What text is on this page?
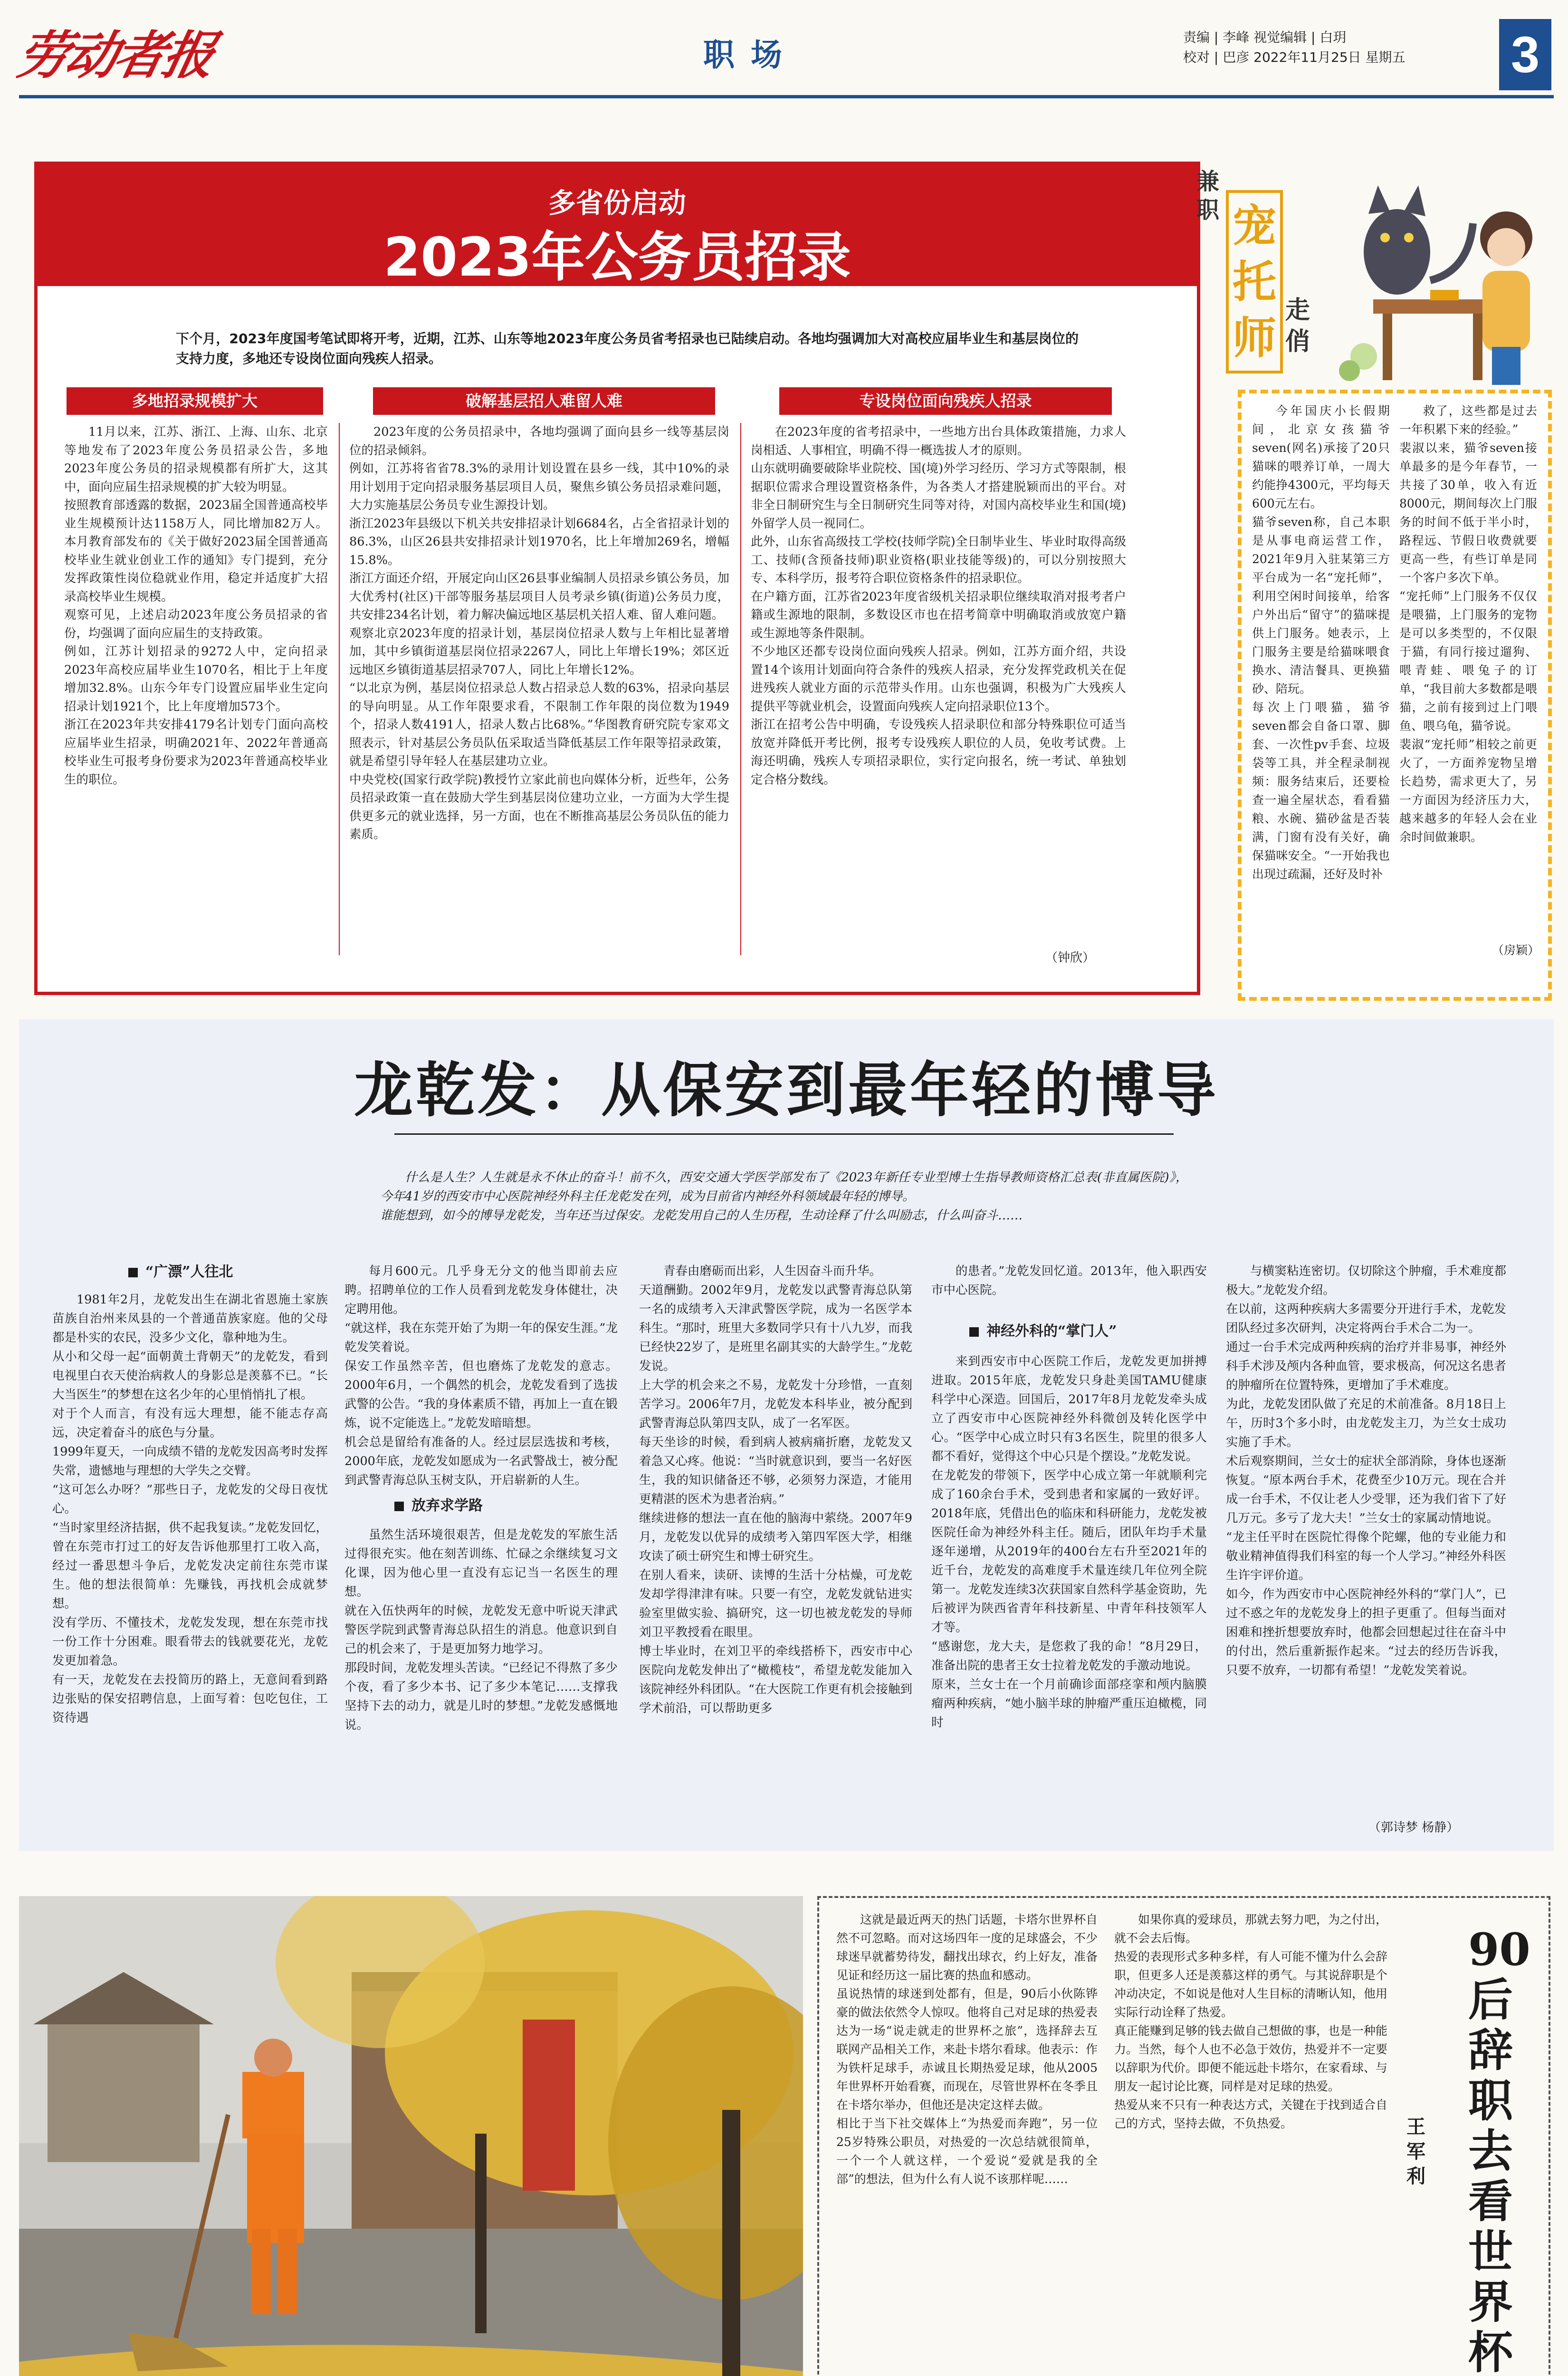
劳动者报	职场	责编 | 李峰 视觉编辑 | 白玥
校对 | 巴彦 2022年11月25日 星期五 3
多省份启动
2023年公务员招录
下个月，2023年度国考笔试即将开考，近期，江苏、山东等地2023年度公务员省考招录也已陆续启动。各地均强调加大对高校应届毕业生和基层岗位的支持力度，多地还专设岗位面向残疾人招录。
多地招录规模扩大	破解基层招人难留人难	专设岗位面向残疾人招录

11月以来，江苏、浙江、上海、山东、北京等地发布了2023年度公务员招录公告，多地2023年度公务员的招录规模都有所扩大，这其中，面向应届生招录规模的扩大较为明显。
按照教育部透露的数据，2023届全国普通高校毕业生规模预计达1158万人，同比增加82万人。本月教育部发布的《关于做好2023届全国普通高校毕业生就业创业工作的通知》专门提到，充分发挥政策性岗位稳就业作用，稳定并适度扩大招录高校毕业生规模。
观察可见，上述启动2023年度公务员招录的省份，均强调了面向应届生的支持政策。
例如，江苏计划招录的9272人中，定向招录2023年高校应届毕业生1070名，相比于上年度增加32.8%。山东今年专门设置应届毕业生定向招录计划1921个，比上年度增加573个。
浙江在2023年共安排4179名计划专门面向高校应届毕业生招录，明确2021年、2022年普通高校毕业生可报考身份要求为2023年普通高校毕业生的职位。

2023年度的公务员招录中，各地均强调了面向县乡一线等基层岗位的招录倾斜。
例如，江苏将省省78.3%的录用计划设置在县乡一线，其中10%的录用计划用于定向招录服务基层项目人员，聚焦乡镇公务员招录难问题，大力实施基层公务员专业生源投计划。
浙江2023年县级以下机关共安排招录计划6684名，占全省招录计划的86.3%，山区26县共安排招录计划1970名，比上年增加269名，增幅15.8%。
浙江方面还介绍，开展定向山区26县事业编制人员招录乡镇公务员，加大优秀村(社区)干部等服务基层项目人员考录乡镇(街道)公务员力度，共安排234名计划，着力解决偏远地区基层机关招人难、留人难问题。
观察北京2023年度的招录计划，基层岗位招录人数与上年相比显著增加，其中乡镇街道基层岗位招录2267人，同比上年增长19%；郊区近远地区乡镇街道基层招录707人，同比上年增长12%。
“以北京为例，基层岗位招录总人数占招录总人数的63%，招录向基层的导向明显。从工作年限要求看，不限制工作年限的岗位数为1949个，招录人数4191人，招录人数占比68%。”华图教育研究院专家邓文照表示，针对基层公务员队伍采取适当降低基层工作年限等招录政策，就是希望引导年轻人在基层建功立业。
中央党校(国家行政学院)教授竹立家此前也向媒体分析，近些年，公务员招录政策一直在鼓励大学生到基层岗位建功立业，一方面为大学生提供更多元的就业选择，另一方面，也在不断推高基层公务员队伍的能力素质。

在2023年度的省考招录中，一些地方出台具体政策措施，力求人岗相适、人事相宜，明确不得一概选拔人才的原则。
山东就明确要破除毕业院校、国(境)外学习经历、学习方式等限制，根据职位需求合理设置资格条件，为各类人才搭建脱颖而出的平台。对非全日制研究生与全日制研究生同等对待，对国内高校毕业生和国(境)外留学人员一视同仁。
此外，山东省高级技工学校(技师学院)全日制毕业生、毕业时取得高级工、技师(含预备技师)职业资格(职业技能等级)的，可以分别按照大专、本科学历，报考符合职位资格条件的招录职位。
在户籍方面，江苏省2023年度省级机关招录职位继续取消对报考者户籍或生源地的限制，多数设区市也在招考简章中明确取消或放宽户籍或生源地等条件限制。
不少地区还都专设岗位面向残疾人招录。例如，江苏方面介绍，共设置14个该用计划面向符合条件的残疾人招录，充分发挥党政机关在促进残疾人就业方面的示范带头作用。山东也强调，积极为广大残疾人提供平等就业机会，设置面向残疾人定向招录职位13个。
浙江在招考公告中明确，专设残疾人招录职位和部分特殊职位可适当放宽并降低开考比例，报考专设残疾人职位的人员，免收考试费。上海还明确，残疾人专项招录职位，实行定向报名，统一考试、单独划定合格分数线。

（钟欣）
兼职 宠托师
走俏

今年国庆小长假期间，北京女孩猫爷seven(网名)承接了20只猫咪的喂养订单，一周大约能挣4300元，平均每天600元左右。
猫爷seven称，自己本职是从事电商运营工作，2021年9月入驻某第三方平台成为一名“宠托师”，利用空闲时间接单，给客户外出后“留守”的猫咪提供上门服务。她表示，上门服务主要是给猫咪喂食换水、清洁餐具、更换猫砂、陪玩。
每次上门喂猫，猫爷seven都会自备口罩、脚套、一次性pv手套、垃圾袋等工具，并全程录制视频：服务结束后，还要检查一遍全屋状态，看看猫粮、水碗、猫砂盆是否装满，门窗有没有关好，确保猫咪安全。“一开始我也出现过疏漏，还好及时补

救了，这些都是过去一年积累下来的经验。”
裴淑以来，猫爷seven接单最多的是今年春节，一共接了30单，收入有近8000元，期间每次上门服务的时间不低于半小时，路程远、节假日收费就要更高一些，有些订单是同一个客户多次下单。
“宠托师”上门服务不仅仅是喂猫，上门服务的宠物是可以多类型的，不仅限于猫，有同行接过遛狗、喂青蛙、喂兔子的订单，“我目前大多数都是喂猫，之前有接到过上门喂鱼、喂乌龟，猫爷说。
裴淑“宠托师”相较之前更火了，一方面养宠物呈增长趋势，需求更大了，另一方面因为经济压力大，越来越多的年轻人会在业余时间做兼职。

（房颖）
龙乾发：从保安到最年轻的博导

什么是人生？人生就是永不休止的奋斗！前不久，西安交通大学医学部发布了《2023年新任专业型博士生指导教师资格汇总表(非直属医院)》，今年41岁的西安市中心医院神经外科主任龙乾发在列，成为目前省内神经外科领域最年轻的博导。
谁能想到，如今的博导龙乾发，当年还当过保安。龙乾发用自己的人生历程，生动诠释了什么叫励志，什么叫奋斗……

“广漂”人往北

1981年2月，龙乾发出生在湖北省恩施土家族苗族自治州来凤县的一个普通苗族家庭。他的父母都是朴实的农民，没多少文化，靠种地为生。
从小和父母一起“面朝黄土背朝天”的龙乾发，看到电视里白衣天使治病救人的身影总是羡慕不已。“长大当医生”的梦想在这名少年的心里悄悄扎了根。
对于个人而言，有没有远大理想，能不能志存高远，决定着奋斗的底色与分量。
1999年夏天，一向成绩不错的龙乾发因高考时发挥失常，遗憾地与理想的大学失之交臂。
“这可怎么办呀？”那些日子，龙乾发的父母日夜忧心。
“当时家里经济拮据，供不起我复读。”龙乾发回忆，曾在东莞市打过工的好友告诉他那里打工收入高，经过一番思想斗争后，龙乾发决定前往东莞市谋生。他的想法很简单：先赚钱，再找机会成就梦想。
没有学历、不懂技术，龙乾发发现，想在东莞市找一份工作十分困难。眼看带去的钱就要花光，龙乾发更加着急。
有一天，龙乾发在去投简历的路上，无意间看到路边张贴的保安招聘信息，上面写着：包吃包住，工资待遇

每月600元。几乎身无分文的他当即前去应聘。招聘单位的工作人员看到龙乾发身体健壮，决定聘用他。
“就这样，我在东莞开始了为期一年的保安生涯。”龙乾发笑着说。
保安工作虽然辛苦，但也磨炼了龙乾发的意志。2000年6月，一个偶然的机会，龙乾发看到了选拔武警的公告。“我的身体素质不错，再加上一直在锻炼，说不定能选上。”龙乾发暗暗想。
机会总是留给有准备的人。经过层层选拔和考核，2000年底，龙乾发如愿成为一名武警战士，被分配到武警青海总队玉树支队，开启崭新的人生。

放弃求学路

虽然生活环境很艰苦，但是龙乾发的军旅生活过得很充实。他在刻苦训练、忙碌之余继续复习文化课，因为他心里一直没有忘记当一名医生的理想。
就在入伍快两年的时候，龙乾发无意中听说天津武警医学院到武警青海总队招生的消息。他意识到自己的机会来了，于是更加努力地学习。
那段时间，龙乾发埋头苦读。“已经记不得熬了多少个夜，看了多少本书、记了多少本笔记……支撑我坚持下去的动力，就是儿时的梦想。”龙乾发感慨地说。

青春由磨砺而出彩，人生因奋斗而升华。
天道酬勤。2002年9月，龙乾发以武警青海总队第一名的成绩考入天津武警医学院，成为一名医学本科生。“那时，班里大多数同学只有十八九岁，而我已经快22岁了，是班里名副其实的大龄学生。”龙乾发说。
上大学的机会来之不易，龙乾发十分珍惜，一直刻苦学习。2006年7月，龙乾发本科毕业，被分配到武警青海总队第四支队，成了一名军医。
每天坐诊的时候，看到病人被病痛折磨，龙乾发又着急又心疼。他说：“当时就意识到，要当一名好医生，我的知识储备还不够，必须努力深造，才能用更精湛的医术为患者治病。”
继续进修的想法一直在他的脑海中萦绕。2007年9月，龙乾发以优异的成绩考入第四军医大学，相继攻读了硕士研究生和博士研究生。
在别人看来，读研、读博的生活十分枯燥，可龙乾发却学得津津有味。只要一有空，龙乾发就钻进实验室里做实验、搞研究，这一切也被龙乾发的导师刘卫平教授看在眼里。
博士毕业时，在刘卫平的牵线搭桥下，西安市中心医院向龙乾发伸出了“橄榄枝”，希望龙乾发能加入该院神经外科团队。“在大医院工作更有机会接触到学术前沿，可以帮助更多

的患者。”龙乾发回忆道。2013年，他入职西安市中心医院。

神经外科的“掌门人”

来到西安市中心医院工作后，龙乾发更加拼搏进取。2015年底，龙乾发只身赴美国TAMU健康科学中心深造。回国后，2017年8月龙乾发牵头成立了西安市中心医院神经外科微创及转化医学中心。“医学中心成立时只有3名医生，院里的很多人都不看好，觉得这个中心只是个摆设。”龙乾发说。
在龙乾发的带领下，医学中心成立第一年就顺利完成了160余台手术，受到患者和家属的一致好评。2018年底，凭借出色的临床和科研能力，龙乾发被医院任命为神经外科主任。随后，团队年均手术量逐年递增，从2019年的400台左右升至2021年的近千台，龙乾发的高难度手术量连续几年位列全院第一。龙乾发连续3次获国家自然科学基金资助，先后被评为陕西省青年科技新星、中青年科技领军人才等。
“感谢您，龙大夫，是您救了我的命！”8月29日，准备出院的患者王女士拉着龙乾发的手激动地说。
原来，兰女士在一个月前确诊面部痉挛和颅内脑膜瘤两种疾病，“她小脑半球的肿瘤严重压迫橄榄，同时

与横窦粘连密切。仅切除这个肿瘤，手术难度都极大。”龙乾发介绍。
在以前，这两种疾病大多需要分开进行手术，龙乾发团队经过多次研判，决定将两台手术合二为一。
通过一台手术完成两种疾病的治疗并非易事，神经外科手术涉及颅内各种血管，要求极高，何况这名患者的肿瘤所在位置特殊，更增加了手术难度。
为此，龙乾发团队做了充足的术前准备。8月18日上午，历时3个多小时，由龙乾发主刀，为兰女士成功实施了手术。
术后观察期间，兰女士的症状全部消除，身体也逐渐恢复。“原本两台手术，花费至少10万元。现在合并成一台手术，不仅让老人少受罪，还为我们省下了好几万元。多亏了龙大夫！”兰女士的家属动情地说。
“龙主任平时在医院忙得像个陀螺，他的专业能力和敬业精神值得我们科室的每一个人学习。”神经外科医生许宇评价道。
如今，作为西安市中心医院神经外科的“掌门人”，已过不惑之年的龙乾发身上的担子更重了。但每当面对困难和挫折想要放弃时，他都会回想起过往在奋斗中的付出，然后重新振作起来。“过去的经历告诉我，只要不放弃，一切都有希望！”龙乾发笑着说。

（郭诗梦 杨静）

这就是最近两天的热门话题，卡塔尔世界杯自然不可忽略。而对这场四年一度的足球盛会，不少球迷早就蓄势待发，翻找出球衣，约上好友，准备见证和经历这一届比赛的热血和感动。
虽说热情的球迷到处都有，但是，90后小伙陈铧豪的做法依然令人惊叹。他将自己对足球的热爱表达为一场“说走就走的世界杯之旅”，选择辞去互联网产品相关工作，来赴卡塔尔看球。他表示：作为铁杆足球手，赤诚且长期热爱足球，他从2005年世界杯开始看赛，而现在，尽管世界杯在冬季且在卡塔尔举办，但他还是决定这样去做。
相比于当下社交媒体上“为热爱而奔跑”，另一位25岁特殊公职员，对热爱的一次总结就很简单，一个一个人就这样，一个爱说“爱就是我的全部”的想法，但为什么有人说不该那样呢……

如果你真的爱球员，那就去努力吧，为之付出，就不会去后悔。
热爱的表现形式多种多样，有人可能不懂为什么会辞职，但更多人还是羡慕这样的勇气。与其说辞职是个冲动决定，不如说是他对人生目标的清晰认知，他用实际行动诠释了热爱。
真正能赚到足够的钱去做自己想做的事，也是一种能力。当然，每个人也不必急于效仿，热爱并不一定要以辞职为代价。即便不能远赴卡塔尔，在家看球、与朋友一起讨论比赛，同样是对足球的热爱。
热爱从来不只有一种表达方式，关键在于找到适合自己的方式，坚持去做，不负热爱。

90后辞职去看世界杯
王军利
